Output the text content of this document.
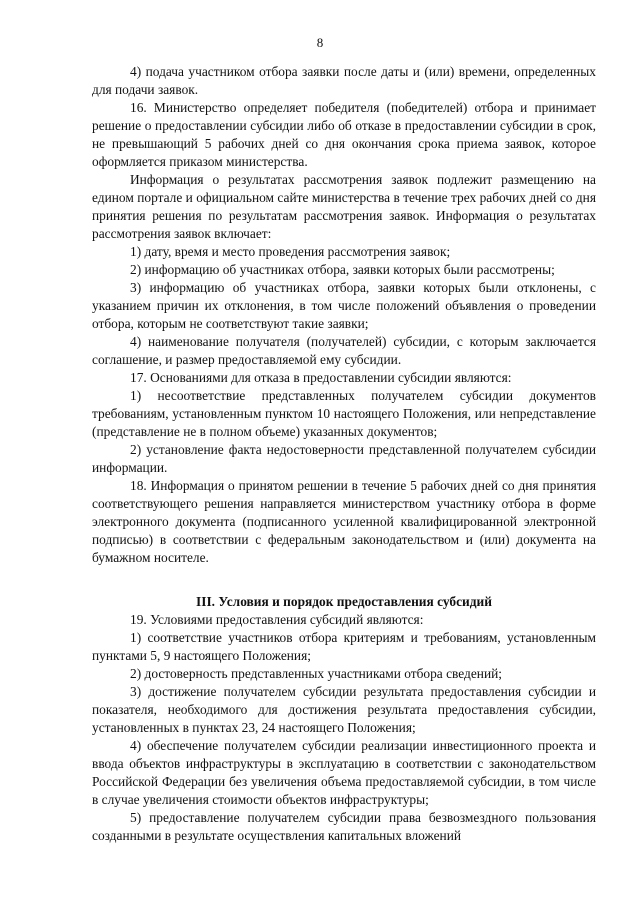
8

4) подача участником отбора заявки после даты и (или) времени, определенных для подачи заявок.

16. Министерство определяет победителя (победителей) отбора и принимает решение о предоставлении субсидии либо об отказе в предоставлении субсидии в срок, не превышающий 5 рабочих дней со дня окончания срока приема заявок, которое оформляется приказом министерства.

Информация о результатах рассмотрения заявок подлежит размещению на едином портале и официальном сайте министерства в течение трех рабочих дней со дня принятия решения по результатам рассмотрения заявок. Информация о результатах рассмотрения заявок включает:

1) дату, время и место проведения рассмотрения заявок;

2) информацию об участниках отбора, заявки которых были рассмотрены;

3) информацию об участниках отбора, заявки которых были отклонены, с указанием причин их отклонения, в том числе положений объявления о проведении отбора, которым не соответствуют такие заявки;

4) наименование получателя (получателей) субсидии, с которым заключается соглашение, и размер предоставляемой ему субсидии.

17. Основаниями для отказа в предоставлении субсидии являются:

1) несоответствие представленных получателем субсидии документов требованиям, установленным пунктом 10 настоящего Положения, или непредставление (представление не в полном объеме) указанных документов;

2) установление факта недостоверности представленной получателем субсидии информации.

18. Информация о принятом решении в течение 5 рабочих дней со дня принятия соответствующего решения направляется министерством участнику отбора в форме электронного документа (подписанного усиленной квалифицированной электронной подписью) в соответствии с федеральным законодательством и (или) документа на бумажном носителе.

III. Условия и порядок предоставления субсидий

19. Условиями предоставления субсидий являются:

1) соответствие участников отбора критериям и требованиям, установленным пунктами 5, 9 настоящего Положения;

2) достоверность представленных участниками отбора сведений;

3) достижение получателем субсидии результата предоставления субсидии и показателя, необходимого для достижения результата предоставления субсидии, установленных в пунктах 23, 24 настоящего Положения;

4) обеспечение получателем субсидии реализации инвестиционного проекта и ввода объектов инфраструктуры в эксплуатацию в соответствии с законодательством Российской Федерации без увеличения объема предоставляемой субсидии, в том числе в случае увеличения стоимости объектов инфраструктуры;

5) предоставление получателем субсидии права безвозмездного пользования созданными в результате осуществления капитальных вложений
